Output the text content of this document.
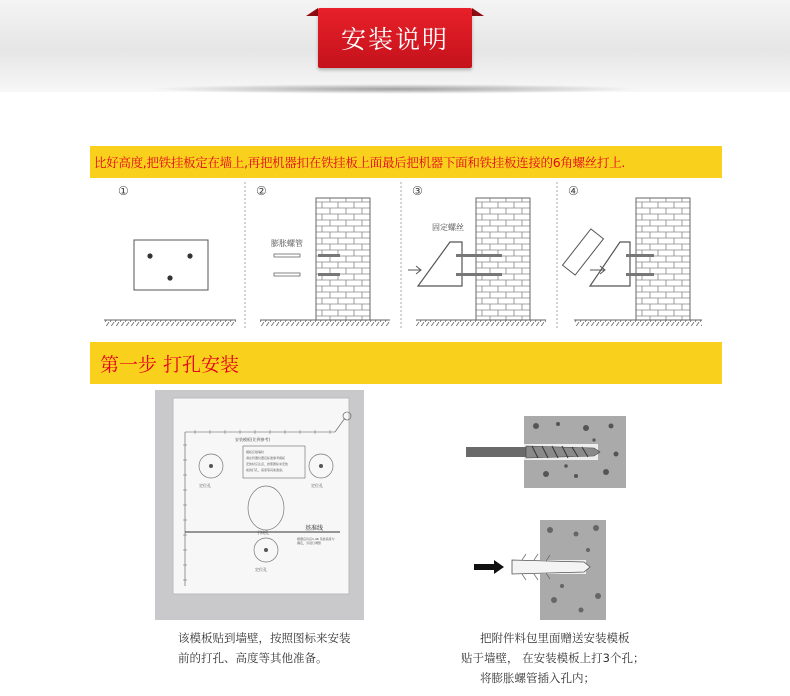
安装说明
比好高度,把铁挂板定在墙上,再把机器扣在铁挂板上面最后把机器下面和铁挂板连接的6角螺丝打上.
①	②	③	④
膨胀螺管
固定螺丝
第一步 打孔安装
安装模板(比例参考)
定位孔	定位孔
引线孔
基准线
定位孔
模板应贴墙时
请在机器位置后标准参考模板
安装时应注意，按照图标来安装
前的打孔，高度等其他准备。
根据后功后1.46 吊装高度与确定，另进行调整
该模板贴到墙壁，按照图标来安装
前的打孔、高度等其他准备。
把附件料包里面赠送安装模板
贴于墙壁， 在安装模板上打3个孔；
将膨胀螺管插入孔内；
